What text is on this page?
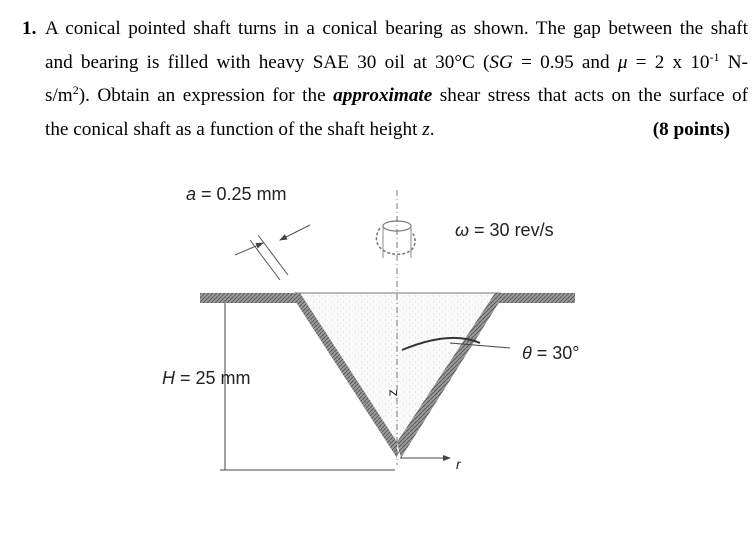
1. A conical pointed shaft turns in a conical bearing as shown. The gap between the shaft
and bearing is filled with heavy SAE 30 oil at 30°C (SG = 0.95 and μ = 2 x $10^{-1}$ N-
$s/m^2$). Obtain an expression for the approximate shear stress that acts on the surface of
the conical shaft as a function of the shaft height z.	(8 points)
a = 0.25 mm
ω = 30 rev/s
θ = 30°
H = 25 mm
z
r
